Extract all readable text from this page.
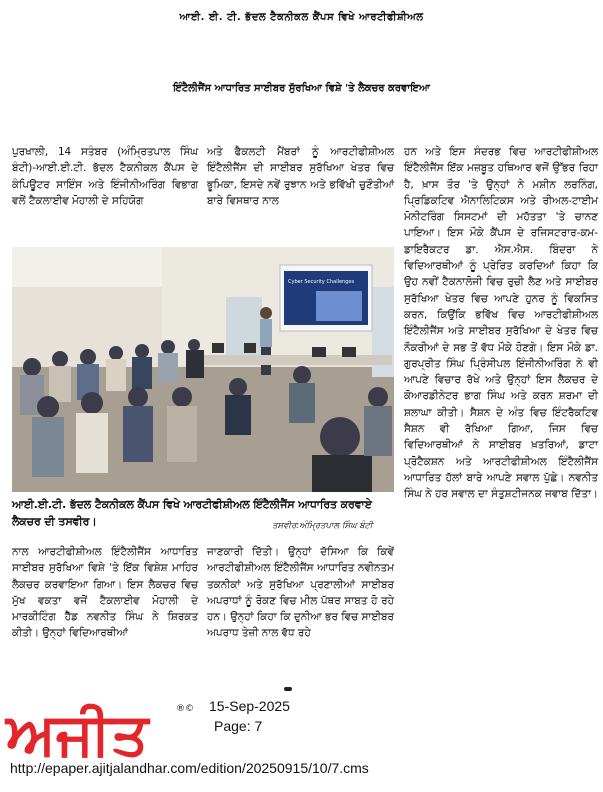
ਆਈ. ਈ. ਟੀ. ਭੱਦਲ ਟੈਕਨੀਕਲ ਕੈਂਪਸ ਵਿਖੇ ਆਰਟੀਫੀਸ਼ੀਅਲ
ਇੰਟੈਲੀਜੈਂਸ ਆਧਾਰਿਤ ਸਾਈਬਰ ਸੁੱਰਖਿਆ ਵਿਸ਼ੇ 'ਤੇ ਲੈਕਚਰ ਕਰਵਾਇਆ

ਪੁਰਖਾਲੀ, 14 ਸਤੰਬਰ (ਅੰਮ੍ਰਿਤਪਾਲ ਸਿੰਘ ਬੰਟੀ)-ਆਈ.ਈ.ਟੀ. ਭੱਦਲ ਟੈਕਨੀਕਲ ਕੈਂਪਸ ਦੇ ਕੰਪਿਊਟਰ ਸਾਇੰਸ ਅਤੇ ਇੰਜੀਨੀਅਰਿੰਗ ਵਿਭਾਗ ਵਲੋਂ ਟੈਕਲਾਈਵ ਮੋਹਾਲੀ ਦੇ ਸਹਿਯੋਗ

ਅਤੇ ਫੈਕਲਟੀ ਮੈਂਬਰਾਂ ਨੂੰ ਆਰਟੀਫੀਸ਼ੀਅਲ ਇੰਟੈਲੀਜੈਂਸ ਦੀ ਸਾਈਬਰ ਸੁਰੱਖਿਆ ਖੇਤਰ ਵਿਚ ਭੂਮਿਕਾ, ਇਸਦੇ ਨਵੇਂ ਰੁਝਾਨ ਅਤੇ ਭਵਿੱਖੀ ਚੁਣੌਤੀਆਂ ਬਾਰੇ ਵਿਸਥਾਰ ਨਾਲ

ਹਨ ਅਤੇ ਇਸ ਸੰਦਰਭ ਵਿਚ ਆਰਟੀਫੀਸ਼ੀਅਲ ਇੰਟੈਲੀਜੈਂਸ ਇੱਕ ਮਜ਼ਬੂਤ ਹਥਿਆਰ ਵਜੋਂ ਉੱਭਰ ਰਿਹਾ ਹੈ, ਖ਼ਾਸ ਤੌਰ 'ਤੇ ਉਨ੍ਹਾਂ ਨੇ ਮਸ਼ੀਨ ਲਰਨਿੰਗ, ਪ੍ਰਿਡਿਕਟਿਵ ਐਨਾਲਿਟਿਕਸ ਅਤੇ ਰੀਅਲ-ਟਾਈਮ ਮੋਨੀਟਰਿੰਗ ਸਿਸਟਮਾਂ ਦੀ ਮਹੱਤਤਾ 'ਤੇ ਚਾਨਣ ਪਾਇਆ। ਇਸ ਮੌਕੇ ਕੈਂਪਸ ਦੇ ਰਜਿਸਟਰਾਰ-ਕਮ-ਡਾਇਰੈਕਟਰ ਡਾ. ਐਸ.ਐਸ. ਬਿੰਦਰਾ ਨੇ ਵਿਦਿਆਰਥੀਆਂ ਨੂੰ ਪ੍ਰੇਰਿਤ ਕਰਦਿਆਂ ਕਿਹਾ ਕਿ ਉਹ ਨਵੀਂ ਟੈਕਨਾਲੋਜੀ ਵਿਚ ਰੁਚੀ ਲੈਣ ਅਤੇ ਸਾਈਬਰ ਸੁਰੱਖਿਆ ਖੇਤਰ ਵਿਚ ਆਪਣੇ ਹੁਨਰ ਨੂੰ ਵਿਕਸਿਤ ਕਰਨ, ਕਿਉਂਕਿ ਭਵਿੱਖ ਵਿਚ ਆਰਟੀਫੀਸ਼ੀਅਲ ਇੰਟੈਲੀਜੈਂਸ ਅਤੇ ਸਾਈਬਰ ਸੁਰੱਖਿਆ ਦੇ ਖੇਤਰ ਵਿਚ ਨੌਕਰੀਆਂ ਦੇ ਸਭ ਤੋਂ ਵੱਧ ਮੌਕੇ ਹੋਣਗੇ। ਇਸ ਮੌਕੇ ਡਾ. ਗੁਰਪ੍ਰੀਤ ਸਿੰਘ ਪ੍ਰਿੰਸੀਪਲ ਇੰਜੀਨੀਅਰਿੰਗ ਨੇ ਵੀ ਆਪਣੇ ਵਿਚਾਰ ਰੱਖੇ ਅਤੇ ਉਨ੍ਹਾਂ ਇਸ ਲੈਕਚਰ ਦੇ ਕੋਆਰਡੀਨੇਟਰ ਭਾਗ ਸਿੰਘ ਅਤੇ ਕਰਨ ਸ਼ਰਮਾ ਦੀ ਸ਼ਲਾਘਾ ਕੀਤੀ। ਸੈਸ਼ਨ ਦੇ ਅੰਤ ਵਿਚ ਇੰਟਰੈਕਟਿਵ ਸੈਸ਼ਨ ਵੀ ਰੱਖਿਆ ਗਿਆ, ਜਿਸ ਵਿਚ ਵਿਦਿਆਰਥੀਆਂ ਨੇ ਸਾਈਬਰ ਖ਼ਤਰਿਆਂ, ਡਾਟਾ ਪ੍ਰੋਟੈਕਸ਼ਨ ਅਤੇ ਆਰਟੀਫੀਸ਼ੀਅਲ ਇੰਟੈਲੀਜੈਂਸ ਆਧਾਰਿਤ ਹੱਲਾਂ ਬਾਰੇ ਆਪਣੇ ਸਵਾਲ ਪੁੱਛੇ। ਨਵਨੀਤ ਸਿੰਘ ਨੇ ਹਰ ਸਵਾਲ ਦਾ ਸੰਤੁਸ਼ਟੀਜਨਕ ਜਵਾਬ ਦਿੱਤਾ।

Cyber Security Challenges
ਆਈ.ਈ.ਟੀ. ਭੱਦਲ ਟੈਕਨੀਕਲ ਕੈਂਪਸ ਵਿਖੇ ਆਰਟੀਫੀਸ਼ੀਅਲ ਇੰਟੈਲੀਜੈਂਸ ਆਧਾਰਿਤ ਕਰਵਾਏ ਲੈਕਚਰ ਦੀ ਤਸਵੀਰ।	ਤਸਵੀਰ:ਅੰਮ੍ਰਿਤਪਾਲ ਸਿੰਘ ਬੰਟੀ

ਨਾਲ ਆਰਟੀਫੀਸ਼ੀਅਲ ਇੰਟੈਲੀਜੈਂਸ ਆਧਾਰਿਤ ਸਾਈਬਰ ਸੁਰੱਖਿਆ ਵਿਸ਼ੇ 'ਤੇ ਇੱਕ ਵਿਸ਼ੇਸ਼ ਮਾਹਿਰ ਲੈਕਚਰ ਕਰਵਾਇਆ ਗਿਆ। ਇਸ ਲੈਕਚਰ ਵਿਚ ਮੁੱਖ ਵਕਤਾ ਵਜੋਂ ਟੈਕਲਾਈਵ ਮੋਹਾਲੀ ਦੇ ਮਾਰਕੀਟਿੰਗ ਹੈੱਡ ਨਵਨੀਤ ਸਿੰਘ ਨੇ ਸ਼ਿਰਕਤ ਕੀਤੀ। ਉਨ੍ਹਾਂ ਵਿਦਿਆਰਥੀਆਂ

ਜਾਣਕਾਰੀ ਦਿੱਤੀ। ਉਨ੍ਹਾਂ ਦੱਸਿਆ ਕਿ ਕਿਵੇਂ ਆਰਟੀਫੀਸ਼ੀਅਲ ਇੰਟੈਲੀਜੈਂਸ ਆਧਾਰਿਤ ਨਵੀਨਤਮ ਤਕਨੀਕਾਂ ਅਤੇ ਸੁਰੱਖਿਆ ਪ੍ਰਣਾਲੀਆਂ ਸਾਈਬਰ ਅਪਰਾਧਾਂ ਨੂੰ ਰੋਕਣ ਵਿਚ ਮੀਲ ਪੱਥਰ ਸਾਬਤ ਹੋ ਰਹੇ ਹਨ। ਉਨ੍ਹਾਂ ਕਿਹਾ ਕਿ ਦੁਨੀਆ ਭਰ ਵਿਚ ਸਾਈਬਰ ਅਪਰਾਧ ਤੇਜ਼ੀ ਨਾਲ ਵੱਧ ਰਹੇ

ਅਜੀਤ	®© 15-Sep-2025
Page: 7
http://epaper.ajitjalandhar.com/edition/20250915/10/7.cms
